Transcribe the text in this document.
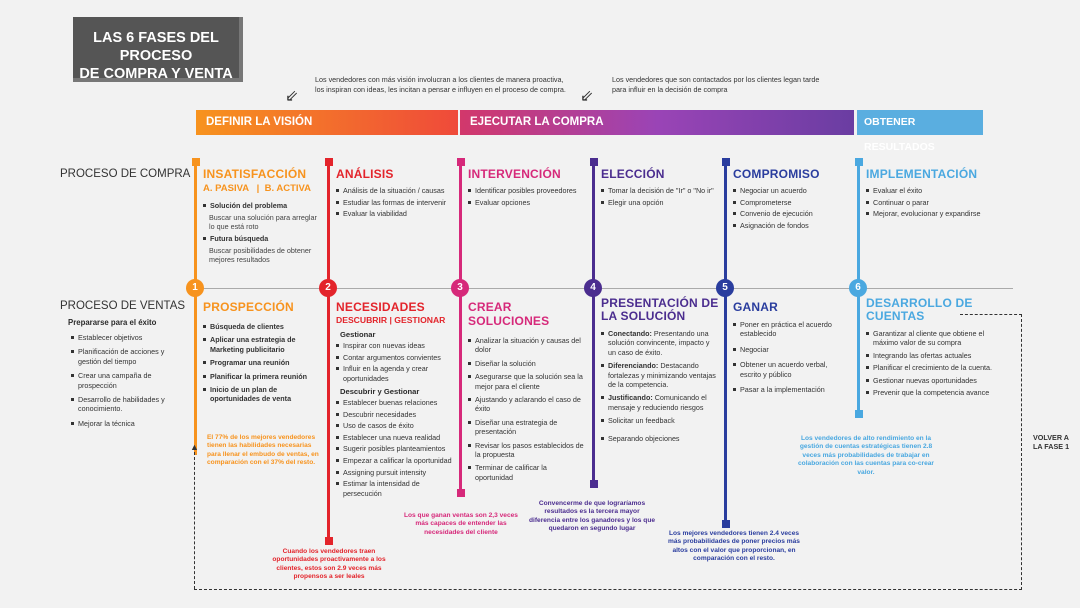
LAS 6 FASES DEL PROCESO
DE COMPRA Y VENTA
⇙
Los vendedores con más visión involucran a los clientes de manera proactiva, los inspiran con ideas, les incitan a pensar e influyen en el proceso de compra. ⇙
Los vendedores que son contactados por los clientes legan tarde para influir en la decisión de compra
DEFINIR LA VISIÓN	EJECUTAR LA COMPRA	OBTENER RESULTADOS
PROCESO DE COMPRA
PROCESO DE VENTAS
1	2	3	4	5	6
INSATISFACCIÓN
A. PASIVA   |  B. ACTIVA
Solución del problema
Buscar una solución para arreglar lo que está roto
Futura búsqueda
Buscar posibilidades de obtener mejores resultados
ANÁLISIS
Análisis de la situación / causas
Estudiar las formas de intervenir
Evaluar la viabilidad
INTERVENCIÓN
Identificar posibles proveedores
Evaluar opciones
ELECCIÓN
Tomar la decisión de "Ir" o "No ir"
Elegir una opción
COMPROMISO
Negociar un acuerdo
Comprometerse
Convenio de ejecución
Asignación de fondos
IMPLEMENTACIÓN
Evaluar el éxito
Continuar o parar
Mejorar, evolucionar y expandirse
Prepararse para el éxito
Establecer objetivos
Planificación de acciones y gestión del tiempo
Crear una campaña de prospección
Desarrollo de habilidades y conocimiento.
Mejorar la técnica
PROSPECCIÓN
Búsqueda de clientes
Aplicar una estrategia de Marketing publicitario
Programar una reunión
Planificar la primera reunión
Inicio de un plan de oportunidades de venta
El 77% de los mejores vendedores tienen las habilidades necesarias para llenar el embudo de ventas, en comparación con el 37% del resto.
NECESIDADES
DESCUBRIR | GESTIONAR
Gestionar
Inspirar con nuevas ideas
Contar argumentos convientes
Influir en la agenda y crear oportunidades
Descubrir y Gestionar
Establecer buenas relaciones
Descubrir necesidades
Uso de casos de éxito
Establecer una nueva realidad
Sugerir posibles planteamientos
Empezar a calificar la oportunidad
Assigning pursuit intensity
Estimar la intensidad de persecución
Cuando los vendedores traen oportunidades proactivamente a los clientes, estos son 2.9 veces más propensos a ser leales
CREAR SOLUCIONES
Analizar la situación y causas del dolor
Diseñar la solución
Asegurarse que la solución sea la mejor para el cliente
Ajustando y aclarando el caso de éxito
Diseñar una estrategia de presentación
Revisar los pasos establecidos de la propuesta
Terminar de calificar la oportunidad
Los que ganan ventas son 2,3 veces más capaces de entender las necesidades del cliente
PRESENTACIÓN DE
LA SOLUCIÓN
Conectando: Presentando una solución convincente, impacto y un caso de éxito.
Diferenciando: Destacando fortalezas y minimizando ventajas de la competencia.
Justificando: Comunicando el mensaje y reduciendo riesgos
Solicitar un feedback
Separando objeciones
Convencerme de que lograríamos resultados es la tercera mayor diferencia entre los ganadores y los que quedaron en segundo lugar
GANAR
Poner en práctica el acuerdo establecido
Negociar
Obtener un acuerdo verbal, escrito y público
Pasar a la implementación
Los mejores vendedores tienen 2.4 veces más probabilidades de poner precios más altos con el valor que proporcionan, en comparación con el resto.
DESARROLLO DE
CUENTAS
Garantizar al cliente que obtiene el máximo valor de su compra
Integrando las ofertas actuales
Planificar el crecimiento de la cuenta.
Gestionar nuevas oportunidades
Prevenir que la competencia avance
Los vendedores de alto rendimiento en la gestión de cuentas estratégicas tienen 2.8 veces más probabilidades de trabajar en colaboración con las cuentas para co-crear valor.
▲
VOLVER A
LA FASE 1
